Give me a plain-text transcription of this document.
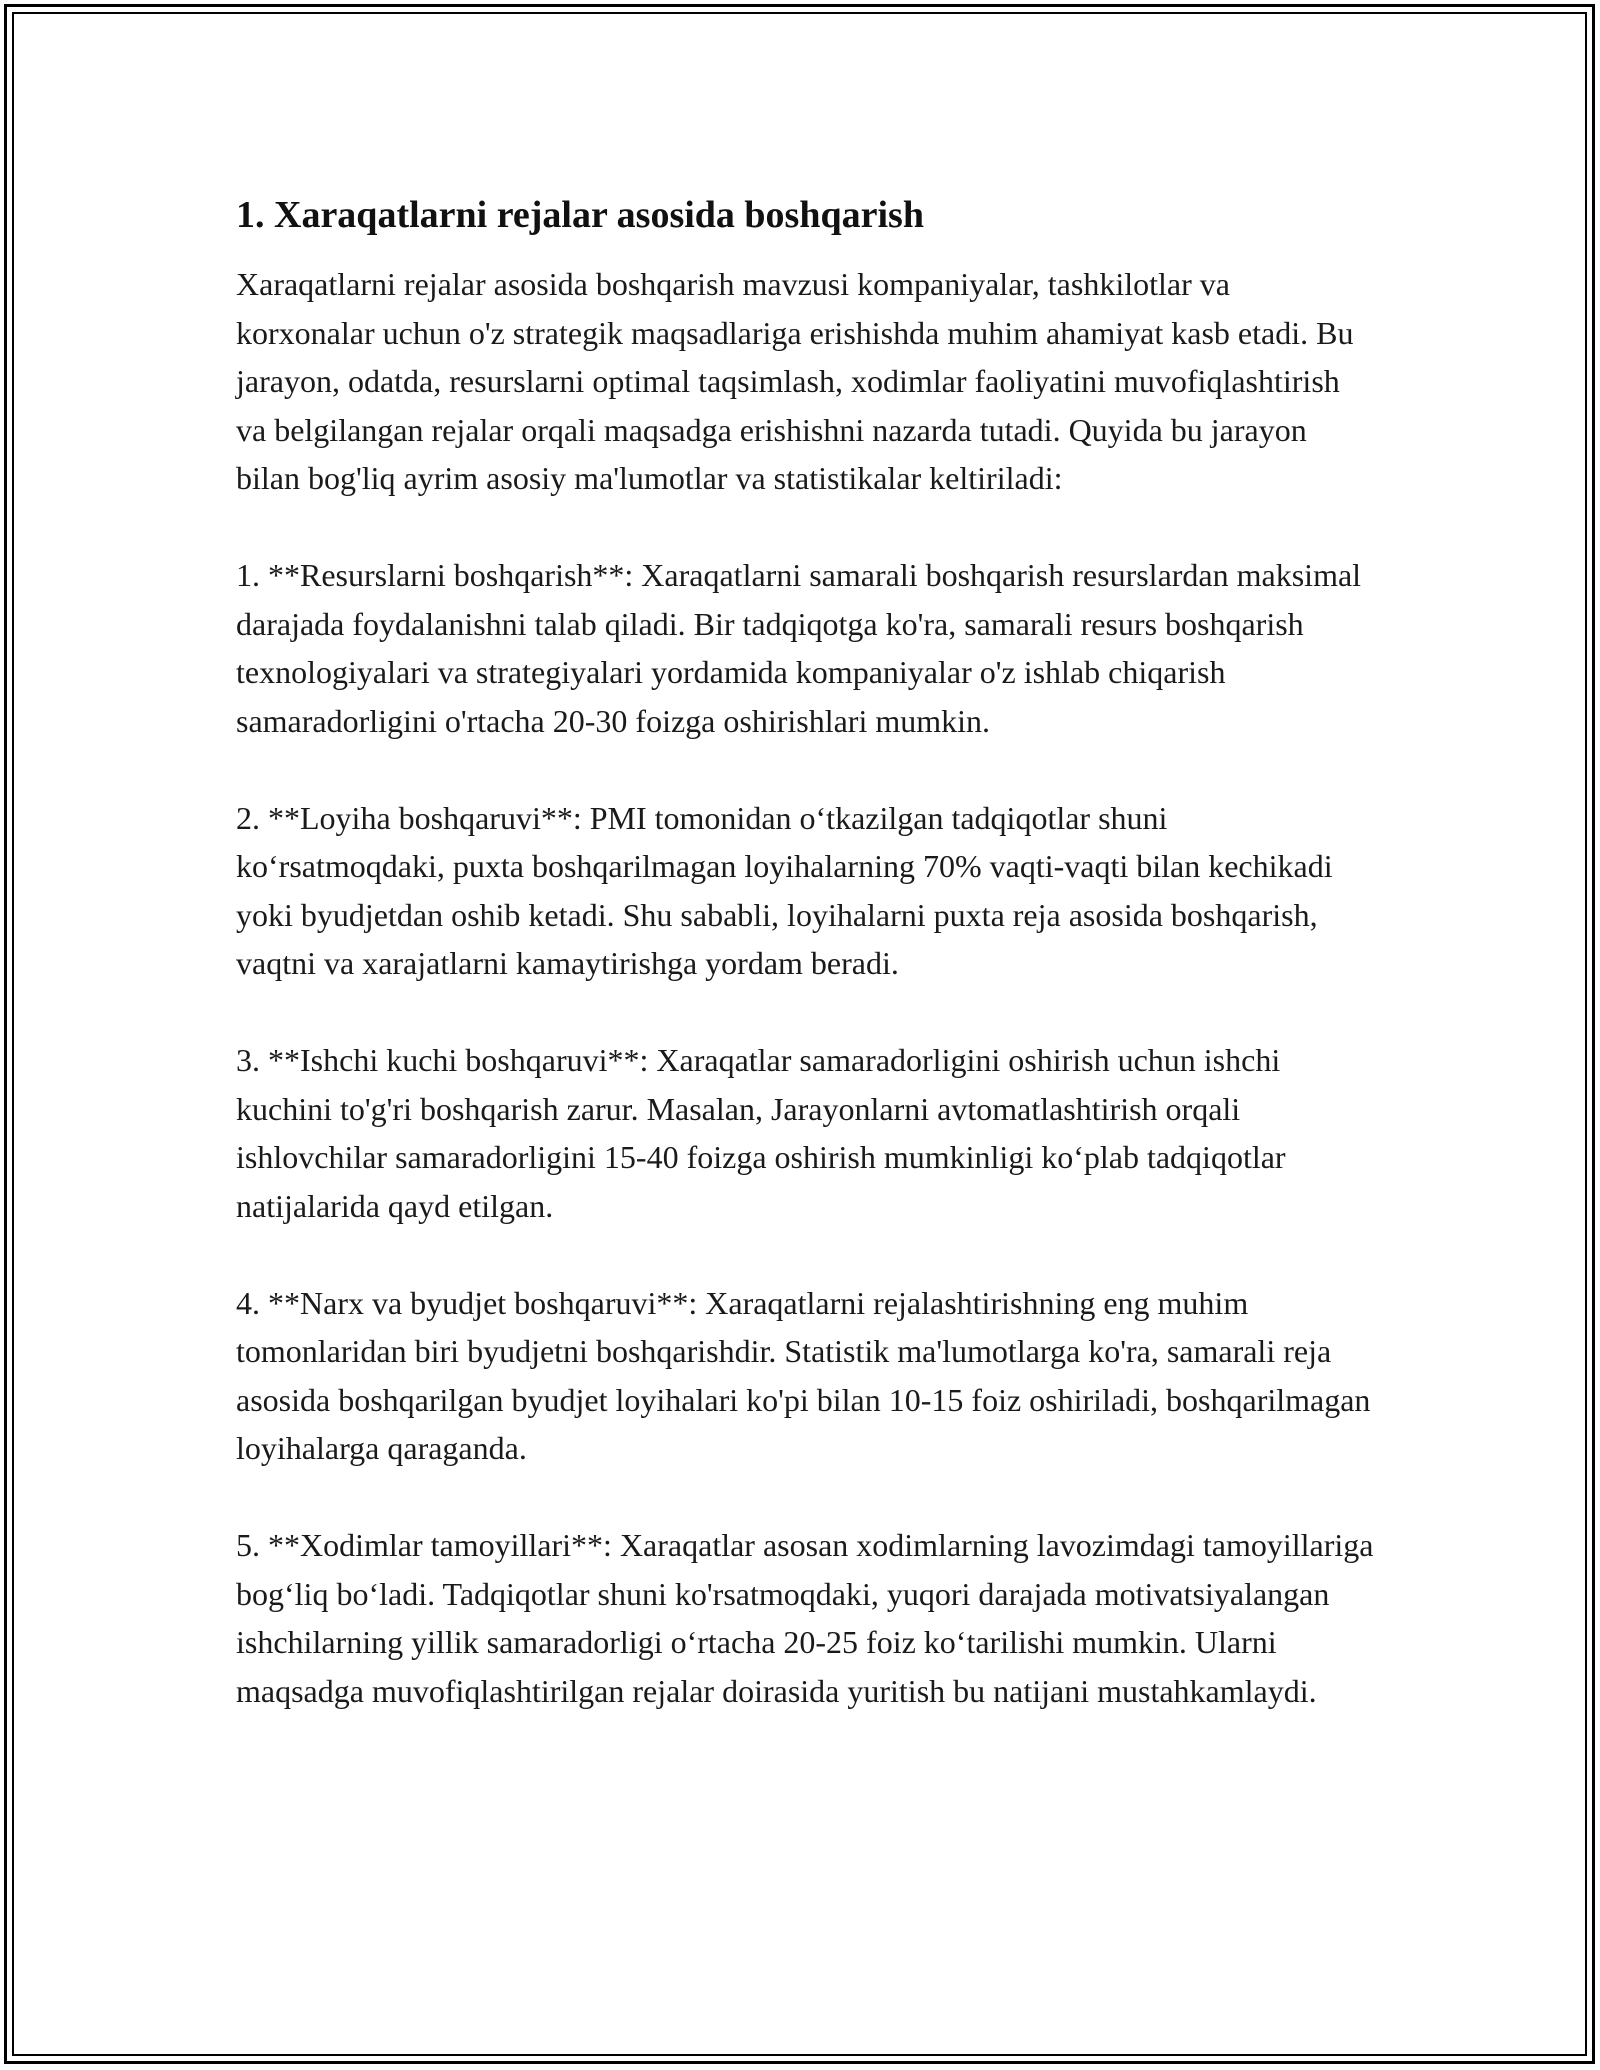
1. Xaraqatlarni rejalar asosida boshqarish

Xaraqatlarni rejalar asosida boshqarish mavzusi kompaniyalar, tashkilotlar va korxonalar uchun o'z strategik maqsadlariga erishishda muhim ahamiyat kasb etadi. Bu jarayon, odatda, resurslarni optimal taqsimlash, xodimlar faoliyatini muvofiqlashtirish va belgilangan rejalar orqali maqsadga erishishni nazarda tutadi. Quyida bu jarayon bilan bog'liq ayrim asosiy ma'lumotlar va statistikalar keltiriladi:

1. **Resurslarni boshqarish**: Xaraqatlarni samarali boshqarish resurslardan maksimal darajada foydalanishni talab qiladi. Bir tadqiqotga ko'ra, samarali resurs boshqarish texnologiyalari va strategiyalari yordamida kompaniyalar o'z ishlab chiqarish samaradorligini o'rtacha 20-30 foizga oshirishlari mumkin.

2. **Loyiha boshqaruvi**: PMI tomonidan o‘tkazilgan tadqiqotlar shuni ko‘rsatmoqdaki, puxta boshqarilmagan loyihalarning 70% vaqti-vaqti bilan kechikadi yoki byudjetdan oshib ketadi. Shu sababli, loyihalarni puxta reja asosida boshqarish, vaqtni va xarajatlarni kamaytirishga yordam beradi.

3. **Ishchi kuchi boshqaruvi**: Xaraqatlar samaradorligini oshirish uchun ishchi kuchini to'g'ri boshqarish zarur. Masalan, Jarayonlarni avtomatlashtirish orqali ishlovchilar samaradorligini 15-40 foizga oshirish mumkinligi ko‘plab tadqiqotlar natijalarida qayd etilgan.

4. **Narx va byudjet boshqaruvi**: Xaraqatlarni rejalashtirishning eng muhim tomonlaridan biri byudjetni boshqarishdir. Statistik ma'lumotlarga ko'ra, samarali reja asosida boshqarilgan byudjet loyihalari ko'pi bilan 10-15 foiz oshiriladi, boshqarilmagan loyihalarga qaraganda.

5. **Xodimlar tamoyillari**: Xaraqatlar asosan xodimlarning lavozimdagi tamoyillariga bog‘liq bo‘ladi. Tadqiqotlar shuni ko'rsatmoqdaki, yuqori darajada motivatsiyalangan ishchilarning yillik samaradorligi o‘rtacha 20-25 foiz ko‘tarilishi mumkin. Ularni maqsadga muvofiqlashtirilgan rejalar doirasida yuritish bu natijani mustahkamlaydi.
